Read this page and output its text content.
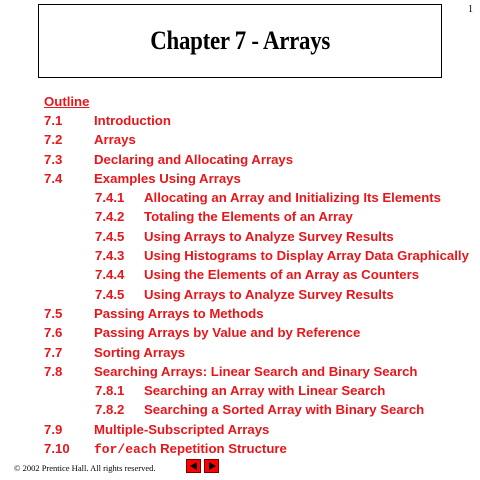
1
Chapter 7 - Arrays
Outline
7.1	Introduction
7.2	Arrays
7.3	Declaring and Allocating Arrays
7.4	Examples Using Arrays
7.4.1	Allocating an Array and Initializing Its Elements
7.4.2	Totaling the Elements of an Array
7.4.5	Using Arrays to Analyze Survey Results
7.4.3	Using Histograms to Display Array Data Graphically
7.4.4	Using the Elements of an Array as Counters
7.4.5	Using Arrays to Analyze Survey Results
7.5	Passing Arrays to Methods
7.6	Passing Arrays by Value and by Reference
7.7	Sorting Arrays
7.8	Searching Arrays: Linear Search and Binary Search
7.8.1	Searching an Array with Linear Search
7.8.2	Searching a Sorted Array with Binary Search
7.9	Multiple-Subscripted Arrays
7.10	for/each Repetition Structure
© 2002 Prentice Hall. All rights reserved.
